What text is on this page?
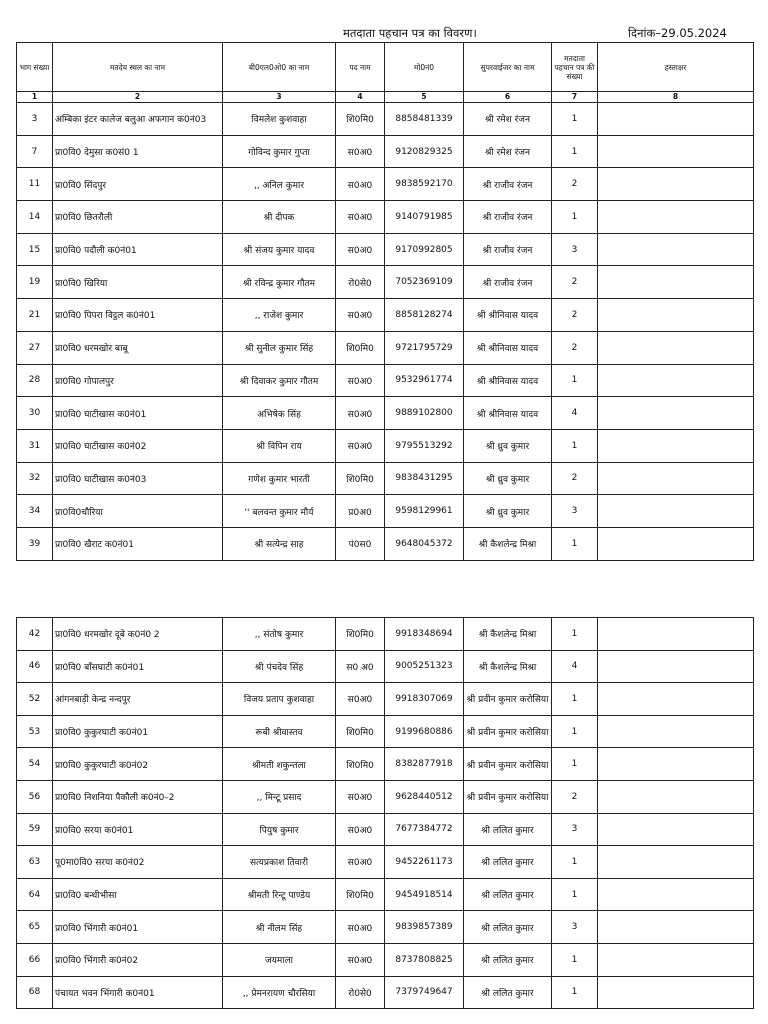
मतदाता पहचान पत्र का विवरण।	दिनांक–29.05.2024
भाग संख्या	मतदेय स्थल का नाम	बी0एल0ओ0 का नाम	पद नाम	मो0नं0	सुपरवाईजर का नाम	मतदाता पहचान पत्र की संख्या	हस्ताक्षर
1	2	3	4	5	6	7	8
3	अम्बिका इंटर कालेज बलुआ अफगान क0नं03	विमलेश कुशवाहा	शि0मि0	8858481339	श्री रमेश रंजन	1	
7	प्रा0वि0 देमुसा क0सं0 1	गोविन्द कुमार गुप्ता	स0अ0	9120829325	श्री रमेश रंजन	1	
11	प्रा0वि0 सिंदपुर	,, अनिल कुमार	स0अ0	9838592170	श्री राजीव रंजन	2	
14	प्रा0वि0 छितरौली	श्री दीपक	स0अ0	9140791985	श्री राजीव रंजन	1	
15	प्रा0वि0 पदौली क0नं01	श्री संजय कुमार यादव	स0अ0	9170992805	श्री राजीव रंजन	3	
19	प्रा0वि0 खिरिया	श्री रविन्द्र कुमार गौतम	रो0से0	7052369109	श्री राजीव रंजन	2	
21	प्रा0वि0 पिपरा विट्ठल क0नं01	,, राजेश कुमार	स0अ0	8858128274	श्री श्रीनिवास यादव	2	
27	प्रा0वि0 धरमखोर बाबू	श्री सुनील कुमार सिंह	शि0मि0	9721795729	श्री श्रीनिवास यादव	2	
28	प्रा0वि0 गोपालपुर	श्री दिवाकर कुमार गौतम	स0अ0	9532961774	श्री श्रीनिवास यादव	1	
30	प्रा0वि0 घाटीखास क0नं01	अभिषेक सिंह	स0अ0	9889102800	श्री श्रीनिवास यादव	4	
31	प्रा0वि0 घाटीखास क0नं02	श्री विपिन राय	स0अ0	9795513292	श्री ध्रुव कुमार	1	
32	प्रा0वि0 घाटीखास क0नं03	गणेश कुमार भारती	शि0मि0	9838431295	श्री ध्रुव कुमार	2	
34	प्रा0वि0चौरिया	'' बलवन्त कुमार मौर्य	प्र0अ0	9598129961	श्री ध्रुव कुमार	3	
39	प्रा0वि0 खैराट क0नं01	श्री सत्येन्द्र साह	पं0स0	9648045372	श्री कैशलेन्द्र मिश्रा	1	
42	प्रा0वि0 धरमखोर दूबे क0नं0 2	,, संतोष कुमार	शि0मि0	9918348694	श्री कैशलेन्द्र मिश्रा	1	
46	प्रा0वि0 बाँसघाटी क0नं01	श्री पंचदेव सिंह	स0 अ0	9005251323	श्री कैशलेन्द्र मिश्रा	4	
52	आंगनबाड़ी केन्द्र नन्दपुर	विजय प्रताप कुशवाहा	स0अ0	9918307069	श्री प्रवीन कुमार करोसिया	1	
53	प्रा0वि0 कुकुरघाटी क0नं01	रूबी श्रीवास्तव	शि0मि0	9199680886	श्री प्रवीन कुमार करोसिया	1	
54	प्रा0वि0 कुकुरघाटी क0नं02	श्रीमती शकुन्तला	शि0मि0	8382877918	श्री प्रवीन कुमार करोसिया	1	
56	प्रा0वि0 निशनिया पैकौली क0नं0–2	,, मिन्टू प्रसाद	स0अ0	9628440512	श्री प्रवीन कुमार करोसिया	2	
59	प्रा0वि0 सरया क0नं01	पियुष कुमार	स0अ0	7677384772	श्री ललित कुमार	3	
63	पू0मा0वि0 सरया क0नं02	सत्यप्रकाश तिवारी	स0अ0	9452261173	श्री ललित कुमार	1	
64	प्रा0वि0 बन्धीभीसा	श्रीमती रिन्टू पाण्डेय	शि0मि0	9454918514	श्री ललित कुमार	1	
65	प्रा0वि0 भिंगारी क0नं01	श्री नीलम सिंह	स0अ0	9839857389	श्री ललित कुमार	3	
66	प्रा0वि0 भिंगारी क0नं02	जयमाला	स0अ0	8737808825	श्री ललित कुमार	1	
68	पंचायत भवन भिंगारी क0नं01	,, प्रेमनरायण चौरसिया	रो0से0	7379749647	श्री ललित कुमार	1	
